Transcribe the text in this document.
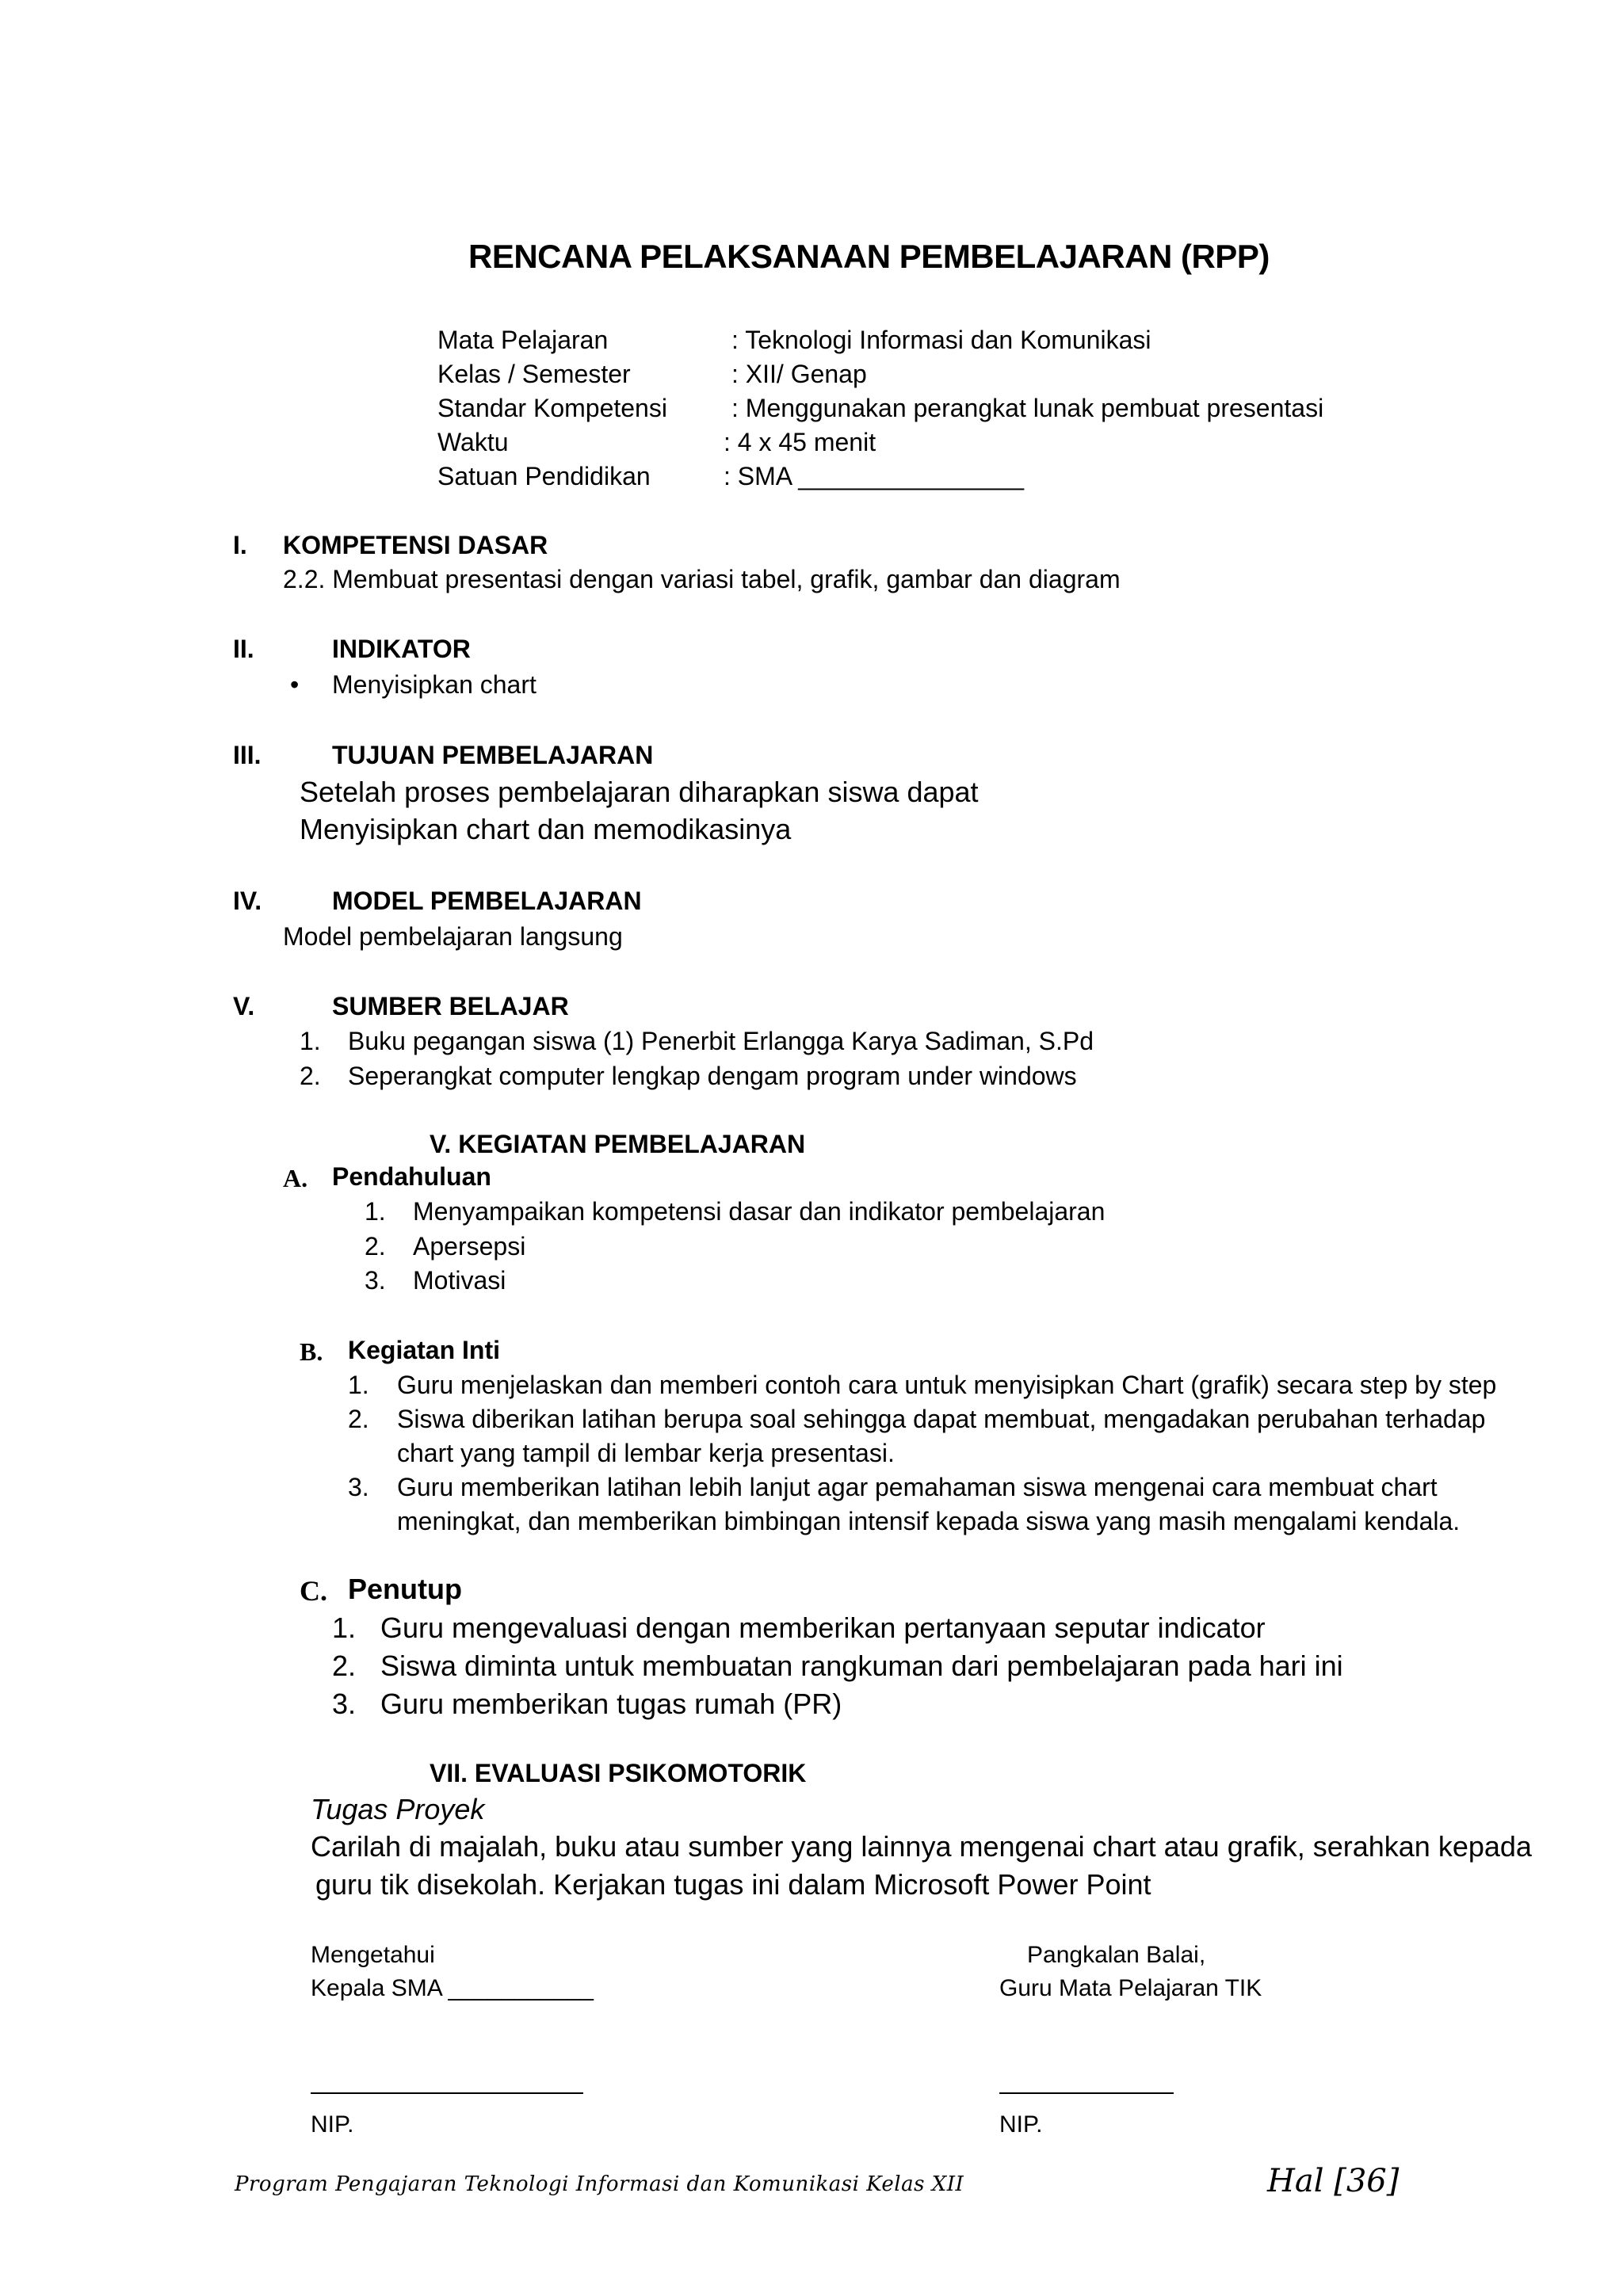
RENCANA PELAKSANAAN PEMBELAJARAN (RPP)
Mata Pelajaran	: Teknologi Informasi dan Komunikasi
Kelas / Semester	: XII/ Genap
Standar Kompetensi	: Menggunakan perangkat lunak pembuat presentasi
Waktu	: 4 x 45 menit
Satuan Pendidikan	: SMA ________________
I. KOMPETENSI DASAR
2.2. Membuat presentasi dengan variasi tabel, grafik, gambar dan diagram
II.	INDIKATOR
• Menyisipkan chart
III.	TUJUAN PEMBELAJARAN
Setelah proses pembelajaran diharapkan siswa dapat
Menyisipkan chart dan memodikasinya
IV.	MODEL PEMBELAJARAN
Model pembelajaran langsung
V.	SUMBER BELAJAR
1. Buku pegangan siswa (1) Penerbit Erlangga Karya Sadiman, S.Pd
2. Seperangkat computer lengkap dengam program under windows
V. KEGIATAN PEMBELAJARAN
A. Pendahuluan
1. Menyampaikan kompetensi dasar dan indikator pembelajaran
2. Apersepsi
3. Motivasi
B. Kegiatan Inti
1. Guru menjelaskan dan memberi contoh cara untuk menyisipkan Chart (grafik) secara step by step
2. Siswa diberikan latihan berupa soal sehingga dapat membuat, mengadakan perubahan terhadap
chart yang tampil di lembar kerja presentasi.
3. Guru memberikan latihan lebih lanjut agar pemahaman siswa mengenai cara membuat chart
meningkat, dan memberikan bimbingan intensif kepada siswa yang masih mengalami kendala.
C. Penutup
1. Guru mengevaluasi dengan memberikan pertanyaan seputar indicator
2. Siswa diminta untuk membuatan rangkuman dari pembelajaran pada hari ini
3. Guru memberikan tugas rumah (PR)
VII. EVALUASI PSIKOMOTORIK
Tugas Proyek
Carilah di majalah, buku atau sumber yang lainnya mengenai chart atau grafik, serahkan kepada
guru tik disekolah. Kerjakan tugas ini dalam Microsoft Power Point
Mengetahui
Kepala SMA ___________
NIP.
Pangkalan Balai,
Guru Mata Pelajaran TIK
NIP.
Program Pengajaran Teknologi Informasi dan Komunikasi Kelas XII	Hal [36]
